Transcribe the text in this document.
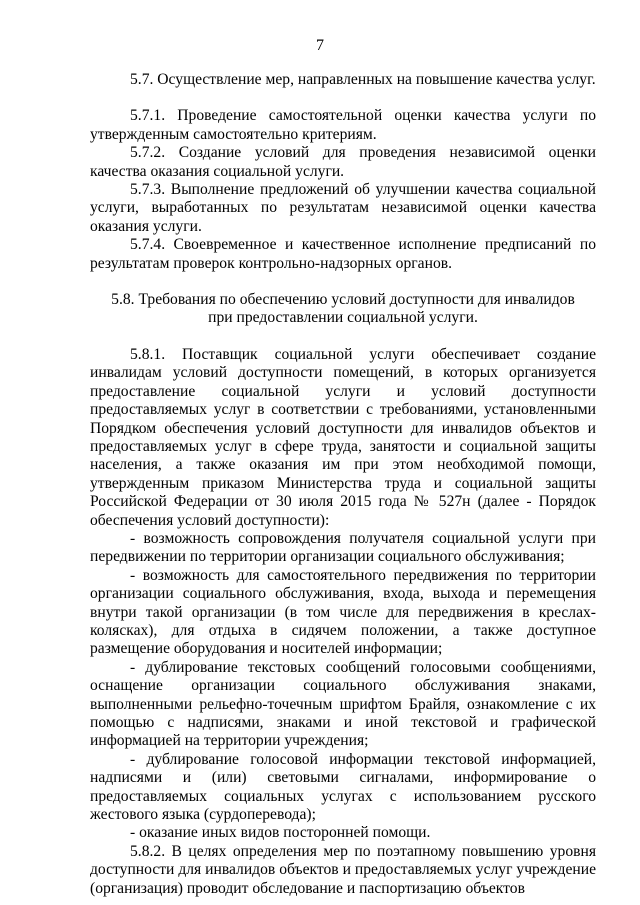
7

5.7. Осуществление мер, направленных на повышение качества услуг.

5.7.1. Проведение самостоятельной оценки качества услуги по утвержденным самостоятельно критериям.

5.7.2. Создание условий для проведения независимой оценки качества оказания социальной услуги.

5.7.3. Выполнение предложений об улучшении качества социальной услуги, выработанных по результатам независимой оценки качества оказания услуги.

5.7.4. Своевременное и качественное исполнение предписаний по результатам проверок контрольно-надзорных органов.

5.8. Требования по обеспечению условий доступности для инвалидов

при предоставлении социальной услуги.

5.8.1. Поставщик социальной услуги обеспечивает создание инвалидам условий доступности помещений, в которых организуется предоставление социальной услуги и условий доступности предоставляемых услуг в соответствии с требованиями, установленными Порядком обеспечения условий доступности для инвалидов объектов и предоставляемых услуг в сфере труда, занятости и социальной защиты населения, а также оказания им при этом необходимой помощи, утвержденным приказом Министерства труда и социальной защиты Российской Федерации от 30 июля 2015 года № 527н (далее - Порядок обеспечения условий доступности):

- возможность сопровождения получателя социальной услуги при передвижении по территории организации социального обслуживания;

- возможность для самостоятельного передвижения по территории организации социального обслуживания, входа, выхода и перемещения внутри такой организации (в том числе для передвижения в креслах-колясках), для отдыха в сидячем положении, а также доступное размещение оборудования и носителей информации;

- дублирование текстовых сообщений голосовыми сообщениями, оснащение организации социального обслуживания знаками, выполненными рельефно-точечным шрифтом Брайля, ознакомление с их помощью с надписями, знаками и иной текстовой и графической информацией на территории учреждения;

- дублирование голосовой информации текстовой информацией, надписями и (или) световыми сигналами, информирование о предоставляемых социальных услугах с использованием русского жестового языка (сурдоперевода);

- оказание иных видов посторонней помощи.

5.8.2. В целях определения мер по поэтапному повышению уровня доступности для инвалидов объектов и предоставляемых услуг учреждение (организация) проводит обследование и паспортизацию объектов
